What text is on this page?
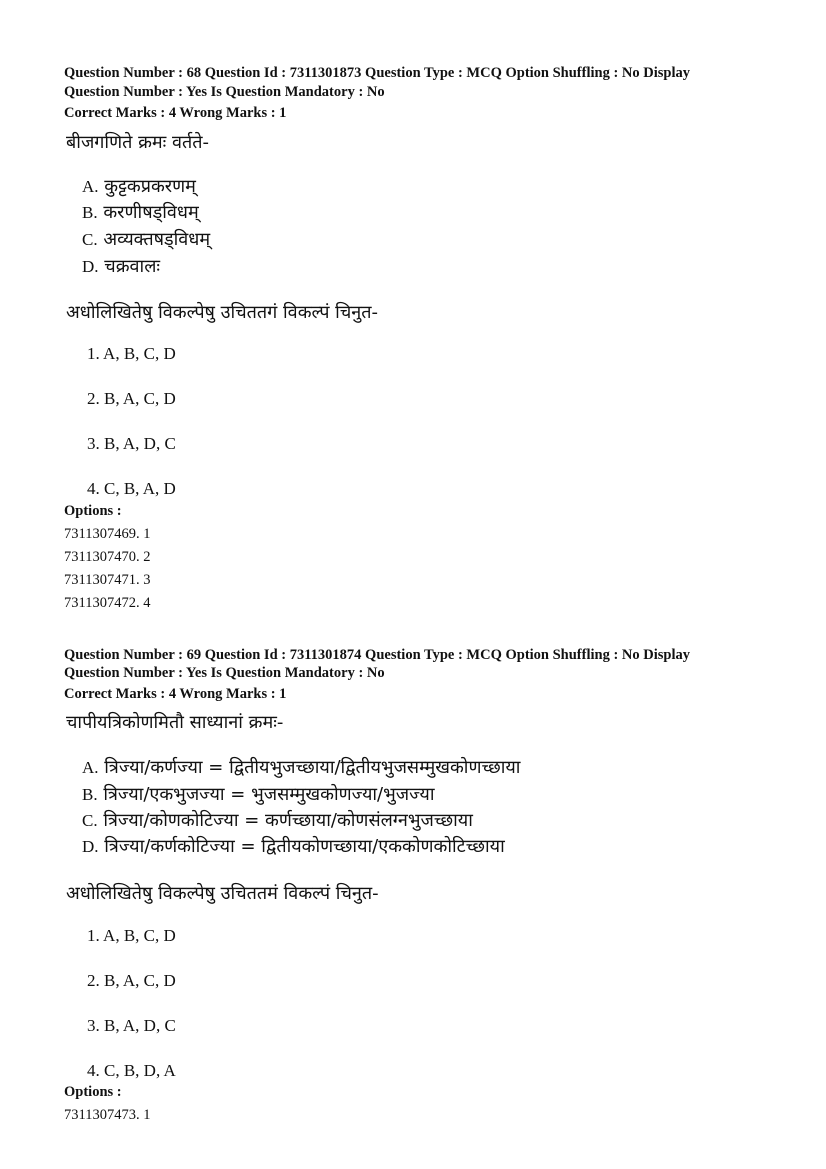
Question Number : 68 Question Id : 7311301873 Question Type : MCQ Option Shuffling : No Display
Question Number : Yes Is Question Mandatory : No
Correct Marks : 4 Wrong Marks : 1
बीजगणिते क्रमः वर्तते-
A. कुट्टकप्रकरणम्
B. करणीषड्विधम्
C. अव्यक्तषड्विधम्
D. चक्रवालः
अधोलिखितेषु विकल्पेषु उचिततगं विकल्पं चिनुत-
1. A, B, C, D
2. B, A, C, D
3. B, A, D, C
4. C, B, A, D
Options :
7311307469. 1
7311307470. 2
7311307471. 3
7311307472. 4
Question Number : 69 Question Id : 7311301874 Question Type : MCQ Option Shuffling : No Display
Question Number : Yes Is Question Mandatory : No
Correct Marks : 4 Wrong Marks : 1
चापीयत्रिकोणमितौ साध्यानां क्रमः-
A. त्रिज्या/कर्णज्या = द्वितीयभुजच्छाया/द्वितीयभुजसम्मुखकोणच्छाया
B. त्रिज्या/एकभुजज्या = भुजसम्मुखकोणज्या/भुजज्या
C. त्रिज्या/कोणकोटिज्या = कर्णच्छाया/कोणसंलग्नभुजच्छाया
D. त्रिज्या/कर्णकोटिज्या = द्वितीयकोणच्छाया/एककोणकोटिच्छाया
अधोलिखितेषु विकल्पेषु उचिततमं विकल्पं चिनुत-
1. A, B, C, D
2. B, A, C, D
3. B, A, D, C
4. C, B, D, A
Options :
7311307473. 1
